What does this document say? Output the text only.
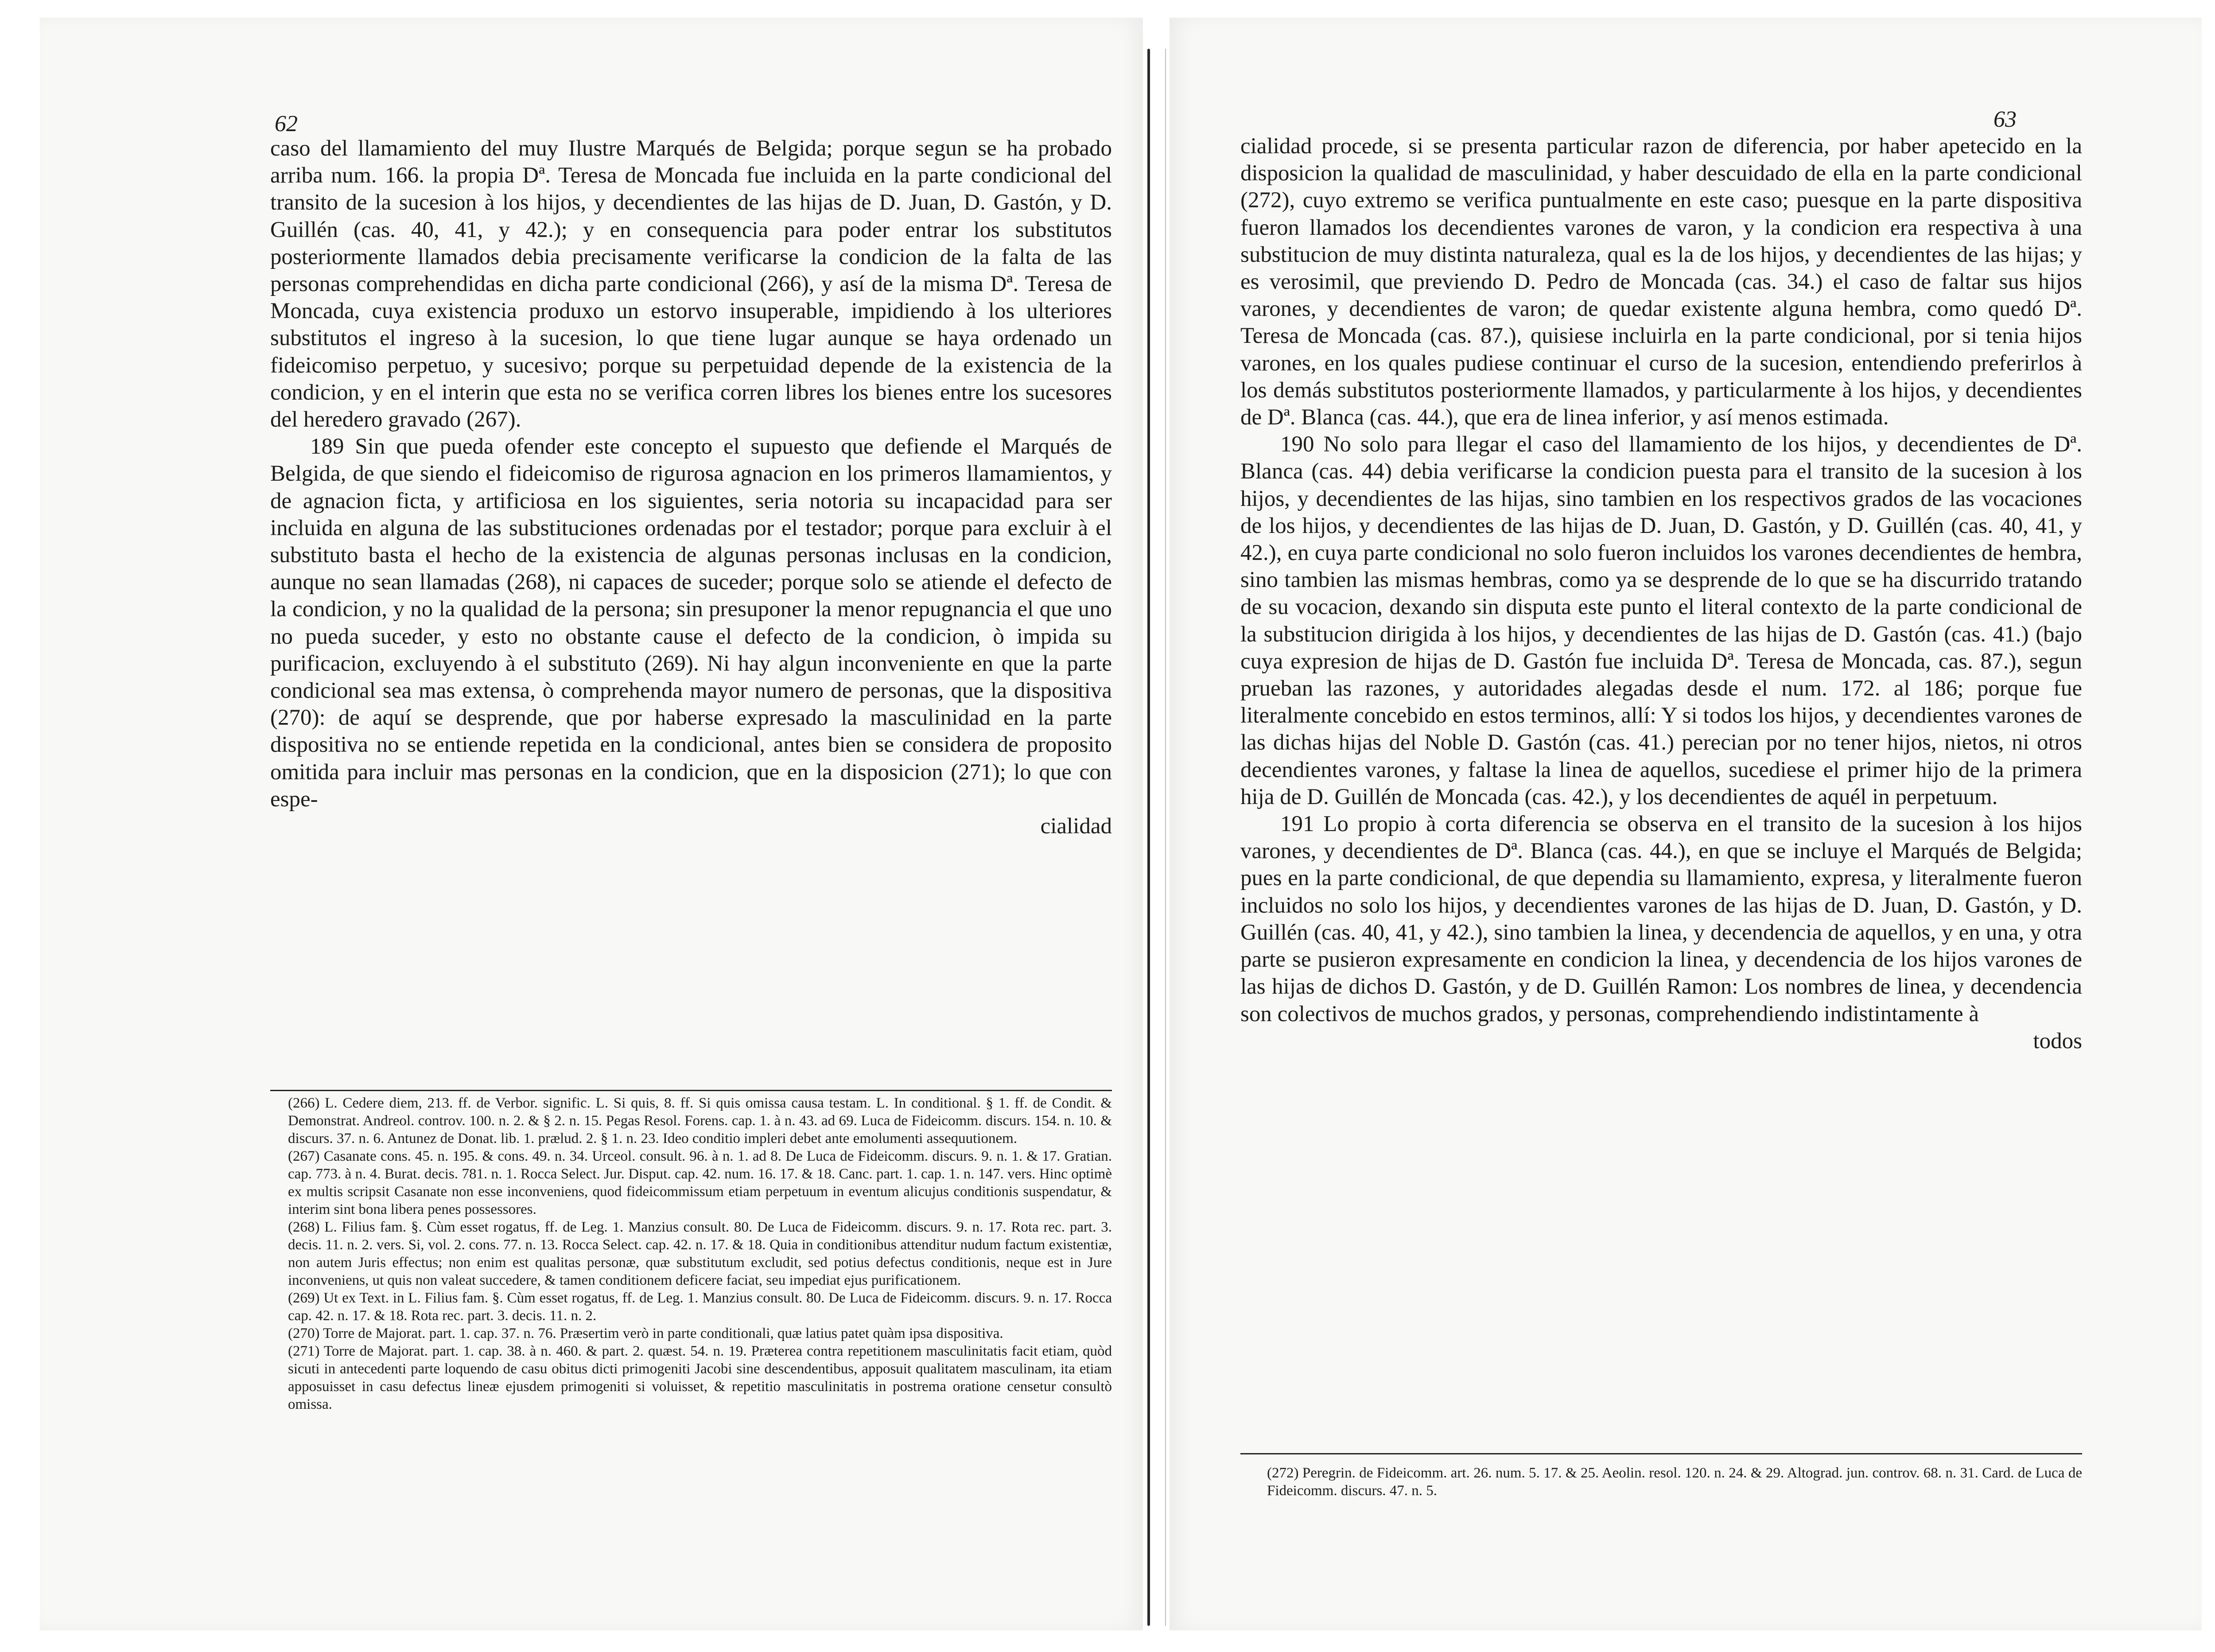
62

caso del llamamiento del muy Ilustre Marqués de Belgida; porque segun se ha probado arriba num. 166. la propia Dª. Teresa de Moncada fue incluida en la parte condicional del transito de la sucesion à los hijos, y decendientes de las hijas de D. Juan, D. Gastón, y D. Guillén (cas. 40, 41, y 42.); y en consequencia para poder entrar los substitutos posteriormente llamados debia precisamente verificarse la condicion de la falta de las personas comprehendidas en dicha parte condicional (266), y así de la misma Dª. Teresa de Moncada, cuya existencia produxo un estorvo insuperable, impidiendo à los ulteriores substitutos el ingreso à la sucesion, lo que tiene lugar aunque se haya ordenado un fideicomiso perpetuo, y sucesivo; porque su perpetuidad depende de la existencia de la condicion, y en el interin que esta no se verifica corren libres los bienes entre los sucesores del heredero gravado (267).

189 Sin que pueda ofender este concepto el supuesto que defiende el Marqués de Belgida, de que siendo el fideicomiso de rigurosa agnacion en los primeros llamamientos, y de agnacion ficta, y artificiosa en los siguientes, seria notoria su incapacidad para ser incluida en alguna de las substituciones ordenadas por el testador; porque para excluir à el substituto basta el hecho de la existencia de algunas personas inclusas en la condicion, aunque no sean llamadas (268), ni capaces de suceder; porque solo se atiende el defecto de la condicion, y no la qualidad de la persona; sin presuponer la menor repugnancia el que uno no pueda suceder, y esto no obstante cause el defecto de la condicion, ò impida su purificacion, excluyendo à el substituto (269). Ni hay algun inconveniente en que la parte condicional sea mas extensa, ò comprehenda mayor numero de personas, que la dispositiva (270): de aquí se desprende, que por haberse expresado la masculinidad en la parte dispositiva no se entiende repetida en la condicional, antes bien se considera de proposito omitida para incluir mas personas en la condicion, que en la disposicion (271); lo que con espe-

cialidad

(266) L. Cedere diem, 213. ff. de Verbor. signific. L. Si quis, 8. ff. Si quis omissa causa testam. L. In conditional. § 1. ff. de Condit. & Demonstrat. Andreol. controv. 100. n. 2. & § 2. n. 15. Pegas Resol. Forens. cap. 1. à n. 43. ad 69. Luca de Fideicomm. discurs. 154. n. 10. & discurs. 37. n. 6. Antunez de Donat. lib. 1. prælud. 2. § 1. n. 23. Ideo conditio impleri debet ante emolumenti assequutionem.

(267) Casanate cons. 45. n. 195. & cons. 49. n. 34. Urceol. consult. 96. à n. 1. ad 8. De Luca de Fideicomm. discurs. 9. n. 1. & 17. Gratian. cap. 773. à n. 4. Burat. decis. 781. n. 1. Rocca Select. Jur. Disput. cap. 42. num. 16. 17. & 18. Canc. part. 1. cap. 1. n. 147. vers. Hinc optimè ex multis scripsit Casanate non esse inconveniens, quod fideicommissum etiam perpetuum in eventum alicujus conditionis suspendatur, & interim sint bona libera penes possessores.

(268) L. Filius fam. §. Cùm esset rogatus, ff. de Leg. 1. Manzius consult. 80. De Luca de Fideicomm. discurs. 9. n. 17. Rota rec. part. 3. decis. 11. n. 2. vers. Si, vol. 2. cons. 77. n. 13. Rocca Select. cap. 42. n. 17. & 18. Quia in conditionibus attenditur nudum factum existentiæ, non autem Juris effectus; non enim est qualitas personæ, quæ substitutum excludit, sed potius defectus conditionis, neque est in Jure inconveniens, ut quis non valeat succedere, & tamen conditionem deficere faciat, seu impediat ejus purificationem.

(269) Ut ex Text. in L. Filius fam. §. Cùm esset rogatus, ff. de Leg. 1. Manzius consult. 80. De Luca de Fideicomm. discurs. 9. n. 17. Rocca cap. 42. n. 17. & 18. Rota rec. part. 3. decis. 11. n. 2.

(270) Torre de Majorat. part. 1. cap. 37. n. 76. Præsertim verò in parte conditionali, quæ latius patet quàm ipsa dispositiva.

(271) Torre de Majorat. part. 1. cap. 38. à n. 460. & part. 2. quæst. 54. n. 19. Præterea contra repetitionem masculinitatis facit etiam, quòd sicuti in antecedenti parte loquendo de casu obitus dicti primogeniti Jacobi sine descendentibus, apposuit qualitatem masculinam, ita etiam apposuisset in casu defectus lineæ ejusdem primogeniti si voluisset, & repetitio masculinitatis in postrema oratione censetur consultò omissa.

63

cialidad procede, si se presenta particular razon de diferencia, por haber apetecido en la disposicion la qualidad de masculinidad, y haber descuidado de ella en la parte condicional (272), cuyo extremo se verifica puntualmente en este caso; puesque en la parte dispositiva fueron llamados los decendientes varones de varon, y la condicion era respectiva à una substitucion de muy distinta naturaleza, qual es la de los hijos, y decendientes de las hijas; y es verosimil, que previendo D. Pedro de Moncada (cas. 34.) el caso de faltar sus hijos varones, y decendientes de varon; de quedar existente alguna hembra, como quedó Dª. Teresa de Moncada (cas. 87.), quisiese incluirla en la parte condicional, por si tenia hijos varones, en los quales pudiese continuar el curso de la sucesion, entendiendo preferirlos à los demás substitutos posteriormente llamados, y particularmente à los hijos, y decendientes de Dª. Blanca (cas. 44.), que era de linea inferior, y así menos estimada.

190 No solo para llegar el caso del llamamiento de los hijos, y decendientes de Dª. Blanca (cas. 44) debia verificarse la condicion puesta para el transito de la sucesion à los hijos, y decendientes de las hijas, sino tambien en los respectivos grados de las vocaciones de los hijos, y decendientes de las hijas de D. Juan, D. Gastón, y D. Guillén (cas. 40, 41, y 42.), en cuya parte condicional no solo fueron incluidos los varones decendientes de hembra, sino tambien las mismas hembras, como ya se desprende de lo que se ha discurrido tratando de su vocacion, dexando sin disputa este punto el literal contexto de la parte condicional de la substitucion dirigida à los hijos, y decendientes de las hijas de D. Gastón (cas. 41.) (bajo cuya expresion de hijas de D. Gastón fue incluida Dª. Teresa de Moncada, cas. 87.), segun prueban las razones, y autoridades alegadas desde el num. 172. al 186; porque fue literalmente concebido en estos terminos, allí: Y si todos los hijos, y decendientes varones de las dichas hijas del Noble D. Gastón (cas. 41.) perecian por no tener hijos, nietos, ni otros decendientes varones, y faltase la linea de aquellos, sucediese el primer hijo de la primera hija de D. Guillén de Moncada (cas. 42.), y los decendientes de aquél in perpetuum.

191 Lo propio à corta diferencia se observa en el transito de la sucesion à los hijos varones, y decendientes de Dª. Blanca (cas. 44.), en que se incluye el Marqués de Belgida; pues en la parte condicional, de que dependia su llamamiento, expresa, y literalmente fueron incluidos no solo los hijos, y decendientes varones de las hijas de D. Juan, D. Gastón, y D. Guillén (cas. 40, 41, y 42.), sino tambien la linea, y decendencia de aquellos, y en una, y otra parte se pusieron expresamente en condicion la linea, y decendencia de los hijos varones de las hijas de dichos D. Gastón, y de D. Guillén Ramon: Los nombres de linea, y decendencia son colectivos de muchos grados, y personas, comprehendiendo indistintamente à

todos

(272) Peregrin. de Fideicomm. art. 26. num. 5. 17. & 25. Aeolin. resol. 120. n. 24. & 29. Altograd. jun. controv. 68. n. 31. Card. de Luca de Fideicomm. discurs. 47. n. 5.
